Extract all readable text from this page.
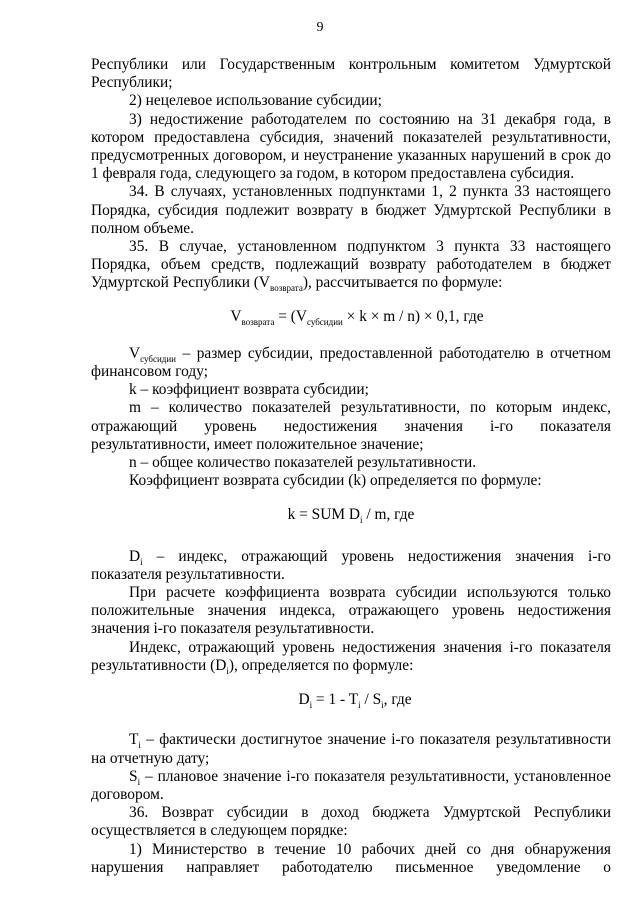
9

Республики или Государственным контрольным комитетом Удмуртской Республики;

2) нецелевое использование субсидии;

3) недостижение работодателем по состоянию на 31 декабря года, в котором предоставлена субсидия, значений показателей результативности, предусмотренных договором, и неустранение указанных нарушений в срок до 1 февраля года, следующего за годом, в котором предоставлена субсидия.

34. В случаях, установленных подпунктами 1, 2 пункта 33 настоящего Порядка, субсидия подлежит возврату в бюджет Удмуртской Республики в полном объеме.

35. В случае, установленном подпунктом 3 пункта 33 настоящего Порядка, объем средств, подлежащий возврату работодателем в бюджет Удмуртской Республики $(V_{возврата})$, рассчитывается по формуле:

$V_{возврата} = (V_{субсидии} \times k \times m / n) \times 0,1$, где

$V_{субсидии}$ – размер субсидии, предоставленной работодателю в отчетном финансовом году;

k – коэффициент возврата субсидии;

m – количество показателей результативности, по которым индекс, отражающий уровень недостижения значения i-го показателя результативности, имеет положительное значение;

n – общее количество показателей результативности.

Коэффициент возврата субсидии (k) определяется по формуле:

k = SUM $D_i$ / m, где

$D_i$ – индекс, отражающий уровень недостижения значения i-го показателя результативности.

При расчете коэффициента возврата субсидии используются только положительные значения индекса, отражающего уровень недостижения значения i-го показателя результативности.

Индекс, отражающий уровень недостижения значения i-го показателя результативности $(D_i)$, определяется по формуле:

$D_i = 1 - T_i / S_i$, где

$T_i$ – фактически достигнутое значение i-го показателя результативности на отчетную дату;

$S_i$ – плановое значение i-го показателя результативности, установленное договором.

36. Возврат субсидии в доход бюджета Удмуртской Республики осуществляется в следующем порядке:

1) Министерство в течение 10 рабочих дней со дня обнаружения нарушения направляет работодателю письменное уведомление о
